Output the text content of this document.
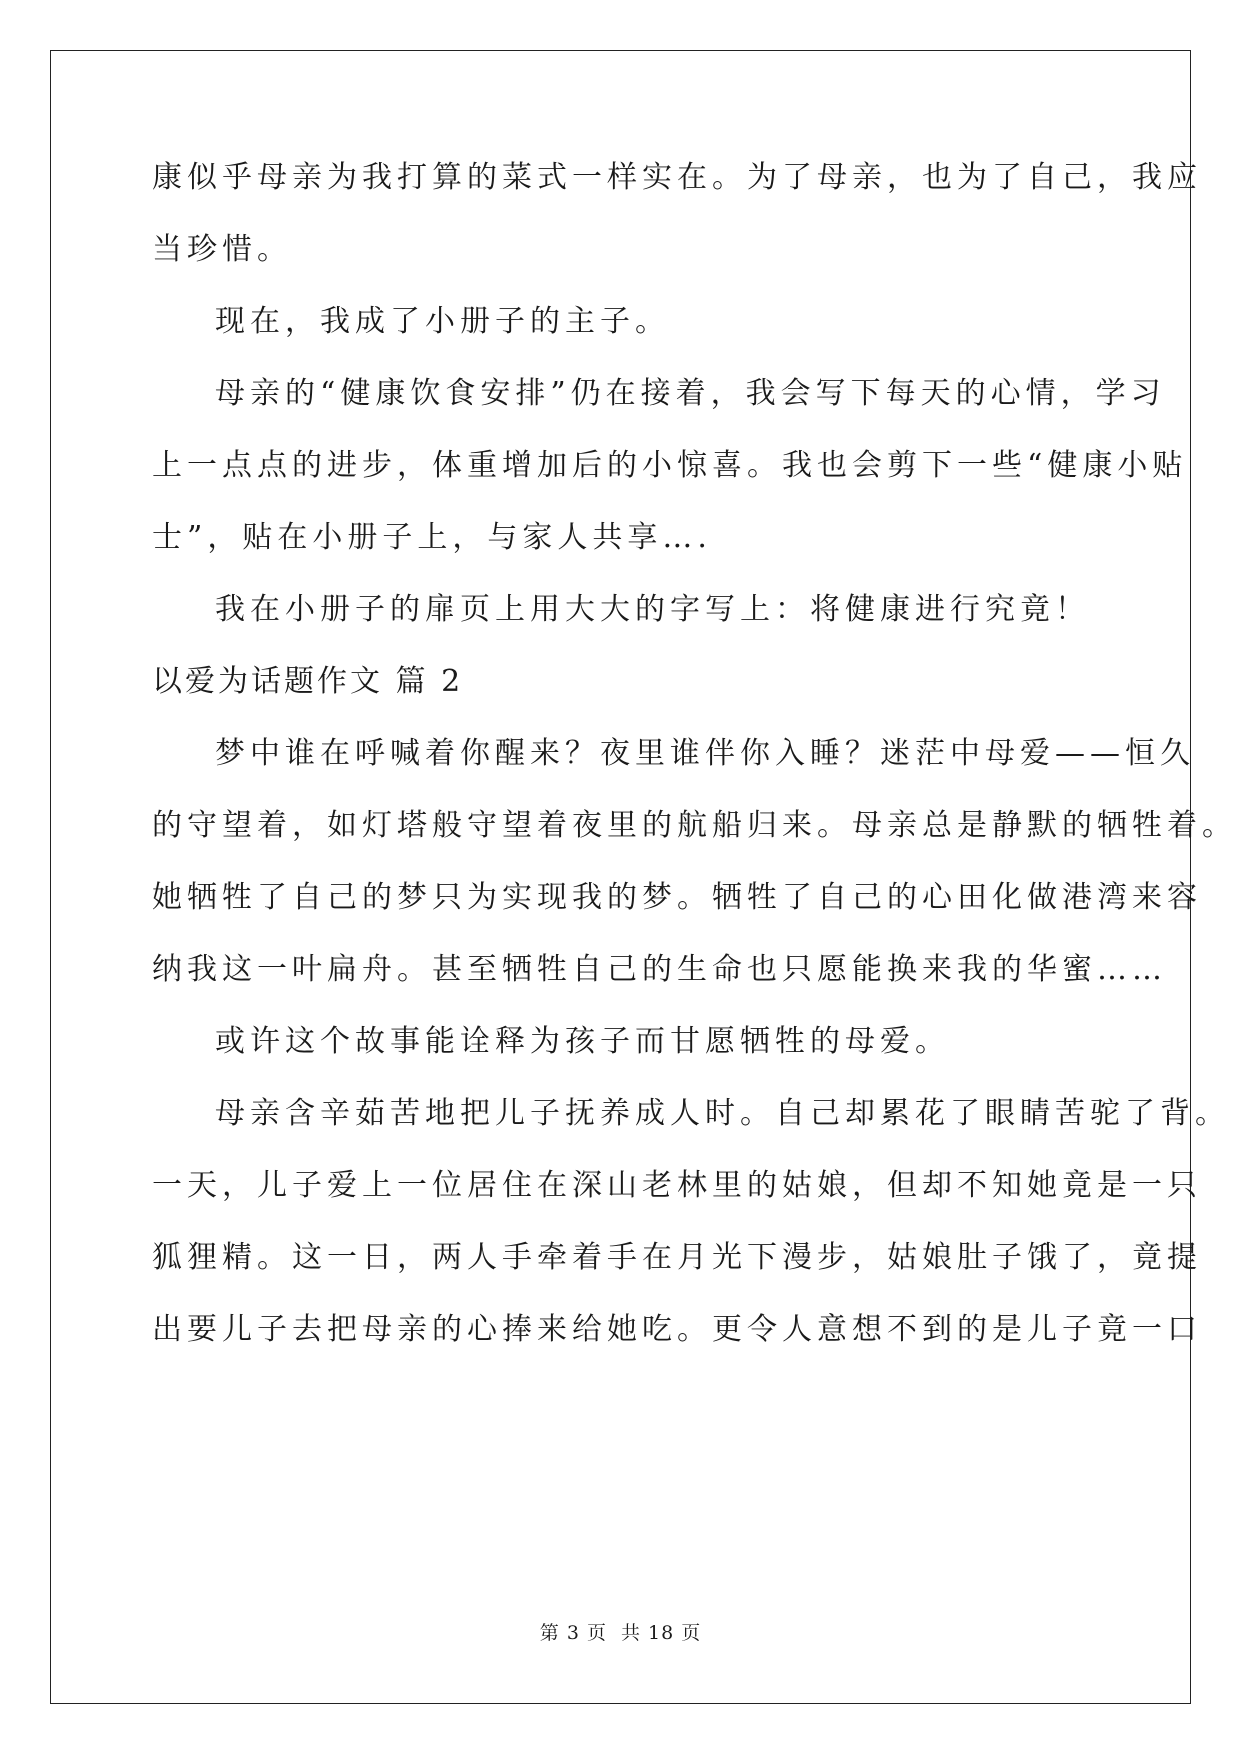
康似乎母亲为我打算的菜式一样实在。为了母亲，也为了自己，我应
当珍惜。
现在，我成了小册子的主子。
母亲的“健康饮食安排”仍在接着，我会写下每天的心情，学习
上一点点的进步，体重增加后的小惊喜。我也会剪下一些“健康小贴
士”，贴在小册子上，与家人共享….
我在小册子的扉页上用大大的字写上：将健康进行究竟！
以爱为话题作文 篇 2
梦中谁在呼喊着你醒来？夜里谁伴你入睡？迷茫中母爱——恒久
的守望着，如灯塔般守望着夜里的航船归来。母亲总是静默的牺牲着。
她牺牲了自己的梦只为实现我的梦。牺牲了自己的心田化做港湾来容
纳我这一叶扁舟。甚至牺牲自己的生命也只愿能换来我的华蜜……
或许这个故事能诠释为孩子而甘愿牺牲的母爱。
母亲含辛茹苦地把儿子抚养成人时。自己却累花了眼睛苦驼了背。
一天，儿子爱上一位居住在深山老林里的姑娘，但却不知她竟是一只
狐狸精。这一日，两人手牵着手在月光下漫步，姑娘肚子饿了，竟提
出要儿子去把母亲的心捧来给她吃。更令人意想不到的是儿子竟一口
第 3 页 共 18 页
